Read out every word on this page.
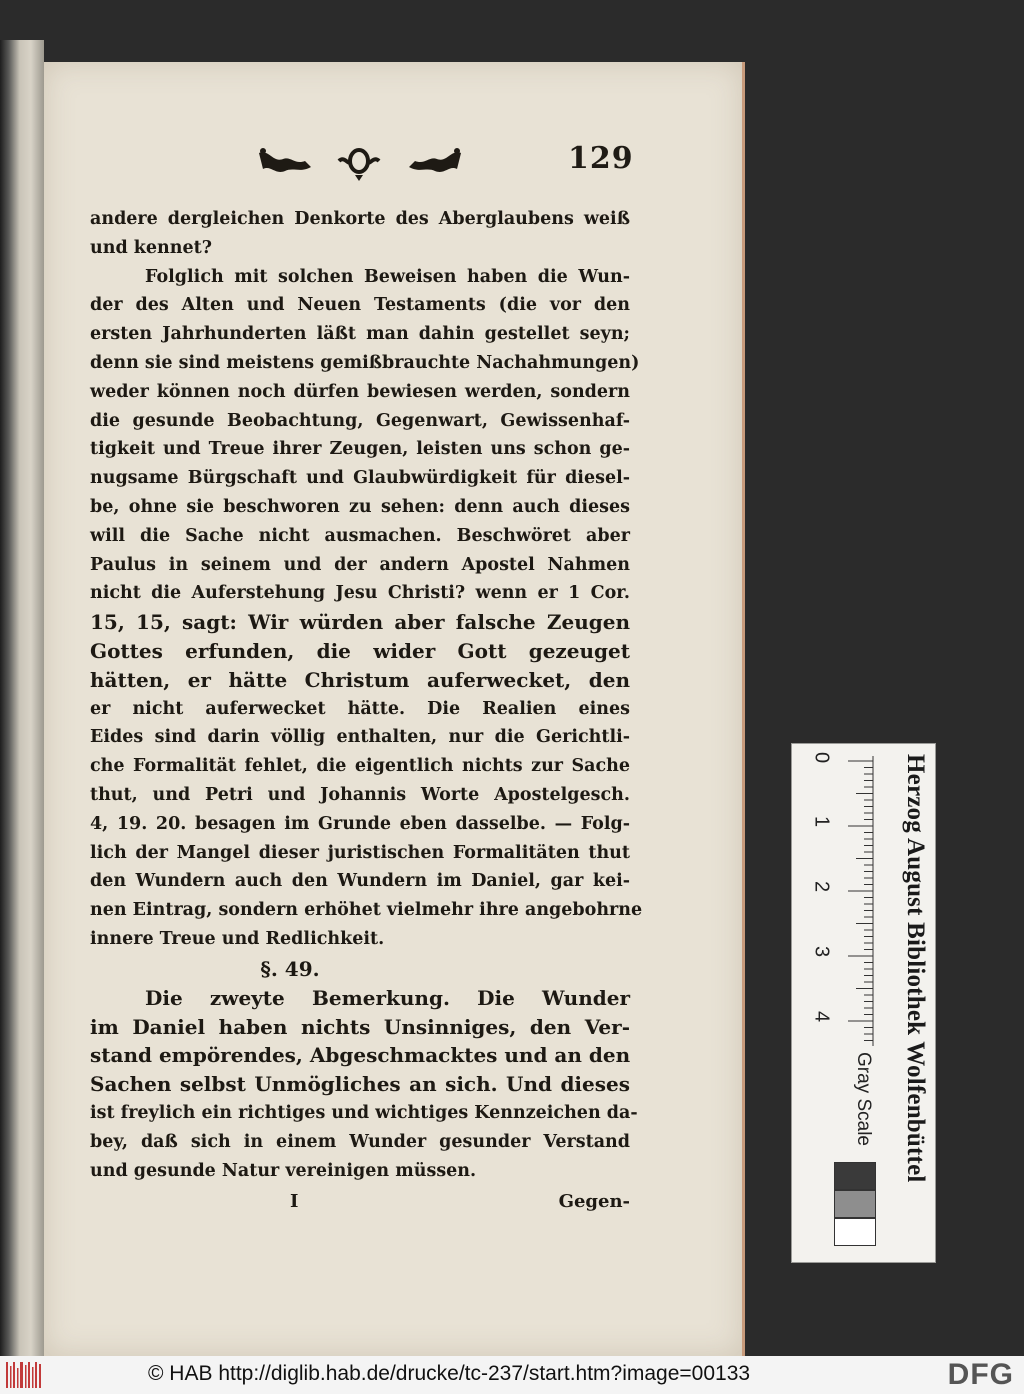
129
andere dergleichen Denkorte des Aberglaubens weiß
und kennet?
Folglich mit solchen Beweisen haben die Wun-
der des Alten und Neuen Testaments (die vor den
ersten Jahrhunderten läßt man dahin gestellet seyn;
denn sie sind meistens gemißbrauchte Nachahmungen)
weder können noch dürfen bewiesen werden, sondern
die gesunde Beobachtung, Gegenwart, Gewissenhaf-
tigkeit und Treue ihrer Zeugen, leisten uns schon ge-
nugsame Bürgschaft und Glaubwürdigkeit für diesel-
be, ohne sie beschworen zu sehen: denn auch dieses
will die Sache nicht ausmachen. Beschwöret aber
Paulus in seinem und der andern Apostel Nahmen
nicht die Auferstehung Jesu Christi? wenn er 1 Cor.
15, 15, sagt: Wir würden aber falsche Zeugen
Gottes erfunden, die wider Gott gezeuget
hätten, er hätte Christum auferwecket, den
er nicht auferwecket hätte. Die Realien eines
Eides sind darin völlig enthalten, nur die Gerichtli-
che Formalität fehlet, die eigentlich nichts zur Sache
thut, und Petri und Johannis Worte Apostelgesch.
4, 19. 20. besagen im Grunde eben dasselbe. — Folg-
lich der Mangel dieser juristischen Formalitäten thut
den Wundern auch den Wundern im Daniel, gar kei-
nen Eintrag, sondern erhöhet vielmehr ihre angebohrne
innere Treue und Redlichkeit.
§. 49.
Die zweyte Bemerkung. Die Wunder
im Daniel haben nichts Unsinniges, den Ver-
stand empörendes, Abgeschmacktes und an den
Sachen selbst Unmögliches an sich. Und dieses
ist freylich ein richtiges und wichtiges Kennzeichen da-
bey, daß sich in einem Wunder gesunder Verstand
und gesunde Natur vereinigen müssen.
I	Gegen-
0
1
2
3
4
Gray Scale	Herzog August Bibliothek Wolfenbüttel
© HAB http://diglib.hab.de/drucke/tc-237/start.htm?image=00133	DFG
